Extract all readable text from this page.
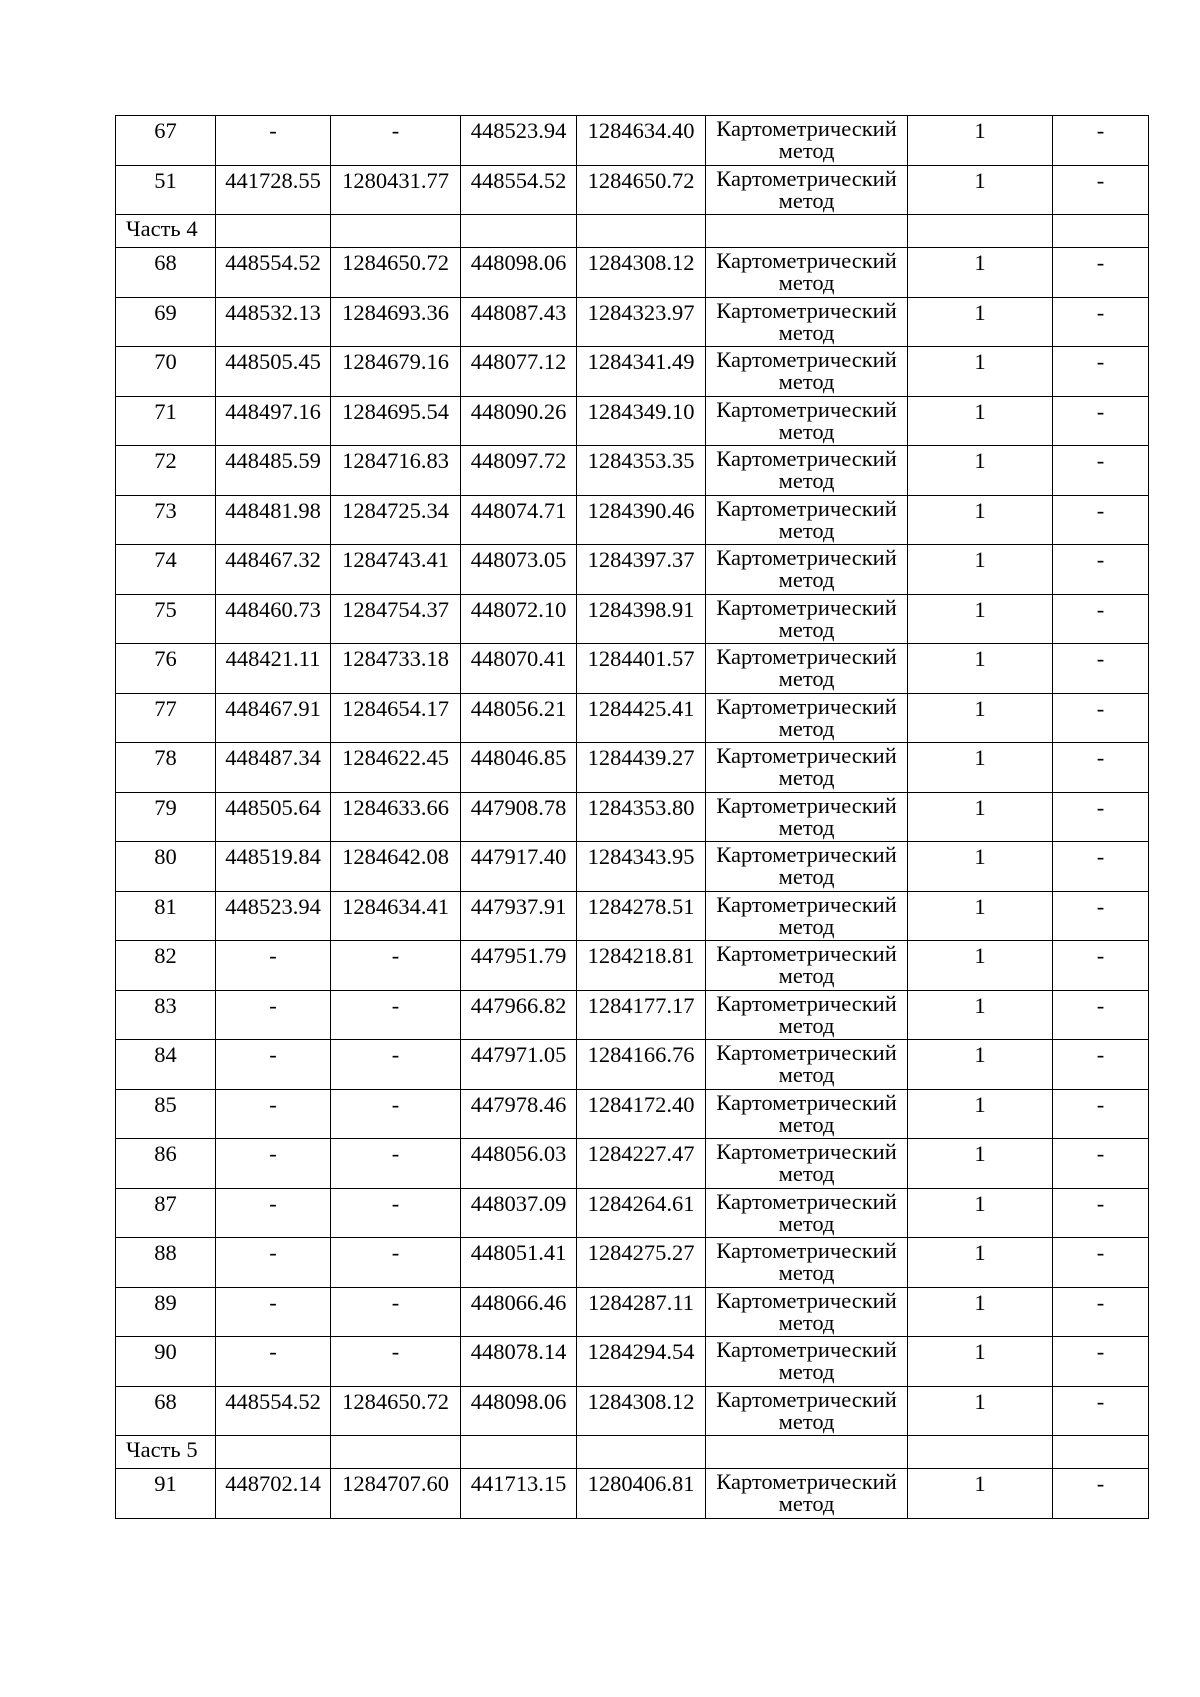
67	-	-	448523.94	1284634.40	Картометрический
метод	1	-
51	441728.55	1280431.77	448554.52	1284650.72	Картометрический
метод	1	-
Часть 4							
68	448554.52	1284650.72	448098.06	1284308.12	Картометрический
метод	1	-
69	448532.13	1284693.36	448087.43	1284323.97	Картометрический
метод	1	-
70	448505.45	1284679.16	448077.12	1284341.49	Картометрический
метод	1	-
71	448497.16	1284695.54	448090.26	1284349.10	Картометрический
метод	1	-
72	448485.59	1284716.83	448097.72	1284353.35	Картометрический
метод	1	-
73	448481.98	1284725.34	448074.71	1284390.46	Картометрический
метод	1	-
74	448467.32	1284743.41	448073.05	1284397.37	Картометрический
метод	1	-
75	448460.73	1284754.37	448072.10	1284398.91	Картометрический
метод	1	-
76	448421.11	1284733.18	448070.41	1284401.57	Картометрический
метод	1	-
77	448467.91	1284654.17	448056.21	1284425.41	Картометрический
метод	1	-
78	448487.34	1284622.45	448046.85	1284439.27	Картометрический
метод	1	-
79	448505.64	1284633.66	447908.78	1284353.80	Картометрический
метод	1	-
80	448519.84	1284642.08	447917.40	1284343.95	Картометрический
метод	1	-
81	448523.94	1284634.41	447937.91	1284278.51	Картометрический
метод	1	-
82	-	-	447951.79	1284218.81	Картометрический
метод	1	-
83	-	-	447966.82	1284177.17	Картометрический
метод	1	-
84	-	-	447971.05	1284166.76	Картометрический
метод	1	-
85	-	-	447978.46	1284172.40	Картометрический
метод	1	-
86	-	-	448056.03	1284227.47	Картометрический
метод	1	-
87	-	-	448037.09	1284264.61	Картометрический
метод	1	-
88	-	-	448051.41	1284275.27	Картометрический
метод	1	-
89	-	-	448066.46	1284287.11	Картометрический
метод	1	-
90	-	-	448078.14	1284294.54	Картометрический
метод	1	-
68	448554.52	1284650.72	448098.06	1284308.12	Картометрический
метод	1	-
Часть 5							
91	448702.14	1284707.60	441713.15	1280406.81	Картометрический
метод	1	-
